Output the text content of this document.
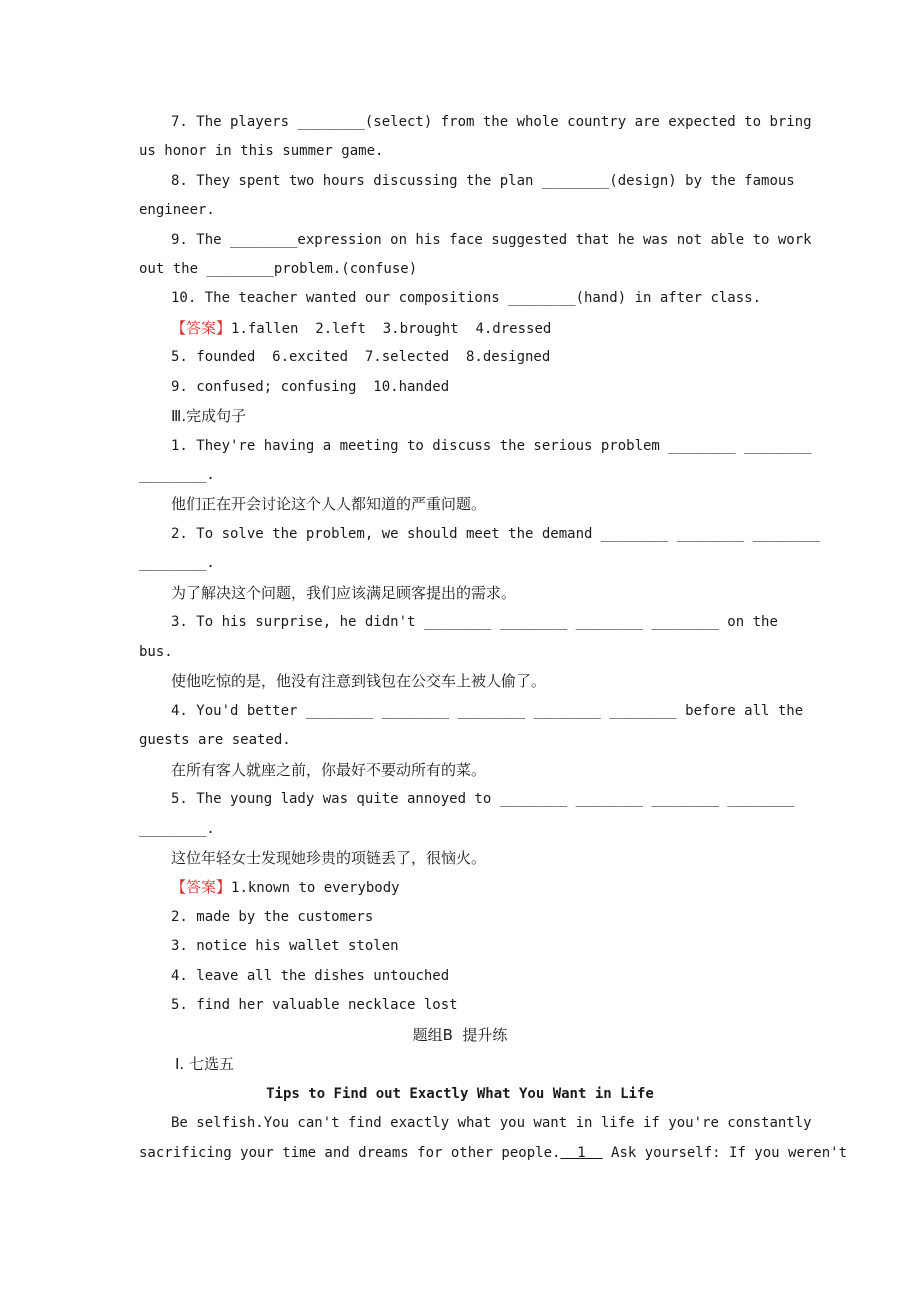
7. The players ________(select) from the whole country are expected to bring
us honor in this summer game.
8. They spent two hours discussing the plan ________(design) by the famous
engineer.
9. The ________expression on his face suggested that he was not able to work
out the ________problem.(confuse)
10. The teacher wanted our compositions ________(hand) in after class.
【答案】1.fallen  2.left  3.brought  4.dressed
5. founded  6.excited  7.selected  8.designed
9. confused; confusing  10.handed
Ⅲ.完成句子
1. They're having a meeting to discuss the serious problem ________ ________
________.
他们正在开会讨论这个人人都知道的严重问题。
2. To solve the problem, we should meet the demand ________ ________ ________
________.
为了解决这个问题，我们应该满足顾客提出的需求。
3. To his surprise, he didn't ________ ________ ________ ________ on the
bus.
使他吃惊的是，他没有注意到钱包在公交车上被人偷了。
4. You'd better ________ ________ ________ ________ ________ before all the
guests are seated.
在所有客人就座之前，你最好不要动所有的菜。
5. The young lady was quite annoyed to ________ ________ ________ ________
________.
这位年轻女士发现她珍贵的项链丢了，很恼火。
【答案】1.known to everybody
2. made by the customers
3. notice his wallet stolen
4. leave all the dishes untouched
5. find her valuable necklace lost
题组B  提升练
Ⅰ. 七选五
Tips to Find out Exactly What You Want in Life
Be selfish.You can't find exactly what you want in life if you're constantly
sacrificing your time and dreams for other people.  1   Ask yourself: If you weren't
